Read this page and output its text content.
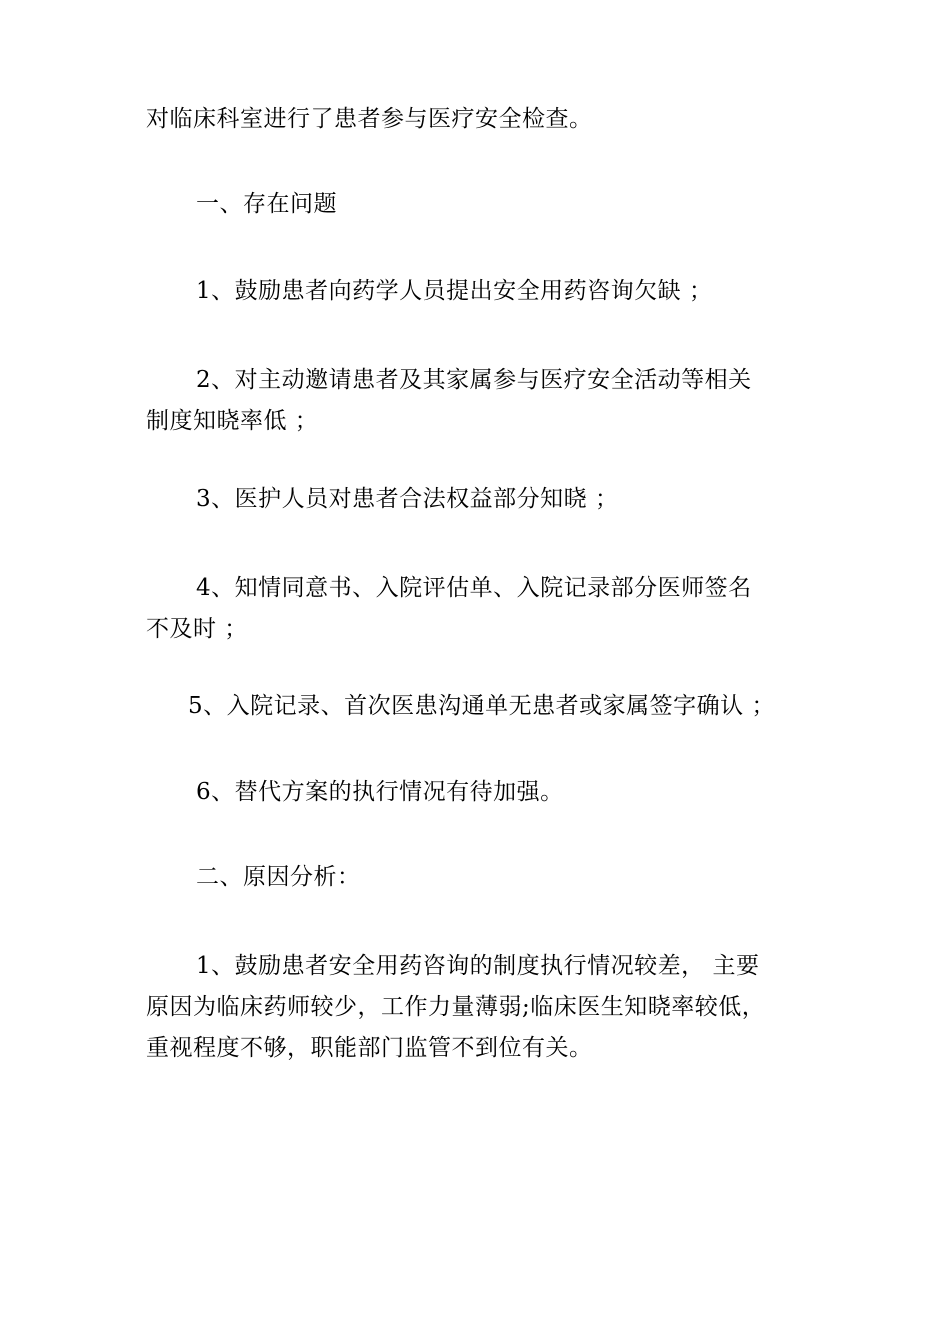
对临床科室进行了患者参与医疗安全检查。
一、存在问题
1、鼓励患者向药学人员提出安全用药咨询欠缺 ；
2、对主动邀请患者及其家属参与医疗安全活动等相关
制度知晓率低 ；
3、医护人员对患者合法权益部分知晓 ；
4、知情同意书、入院评估单、入院记录部分医师签名
不及时 ；
5、入院记录、首次医患沟通单无患者或家属签字确认 ；
6、替代方案的执行情况有待加强。
二、原因分析：
1、鼓励患者安全用药咨询的制度执行情况较差， 主要
原因为临床药师较少，工作力量薄弱;临床医生知晓率较低，
重视程度不够，职能部门监管不到位有关。
